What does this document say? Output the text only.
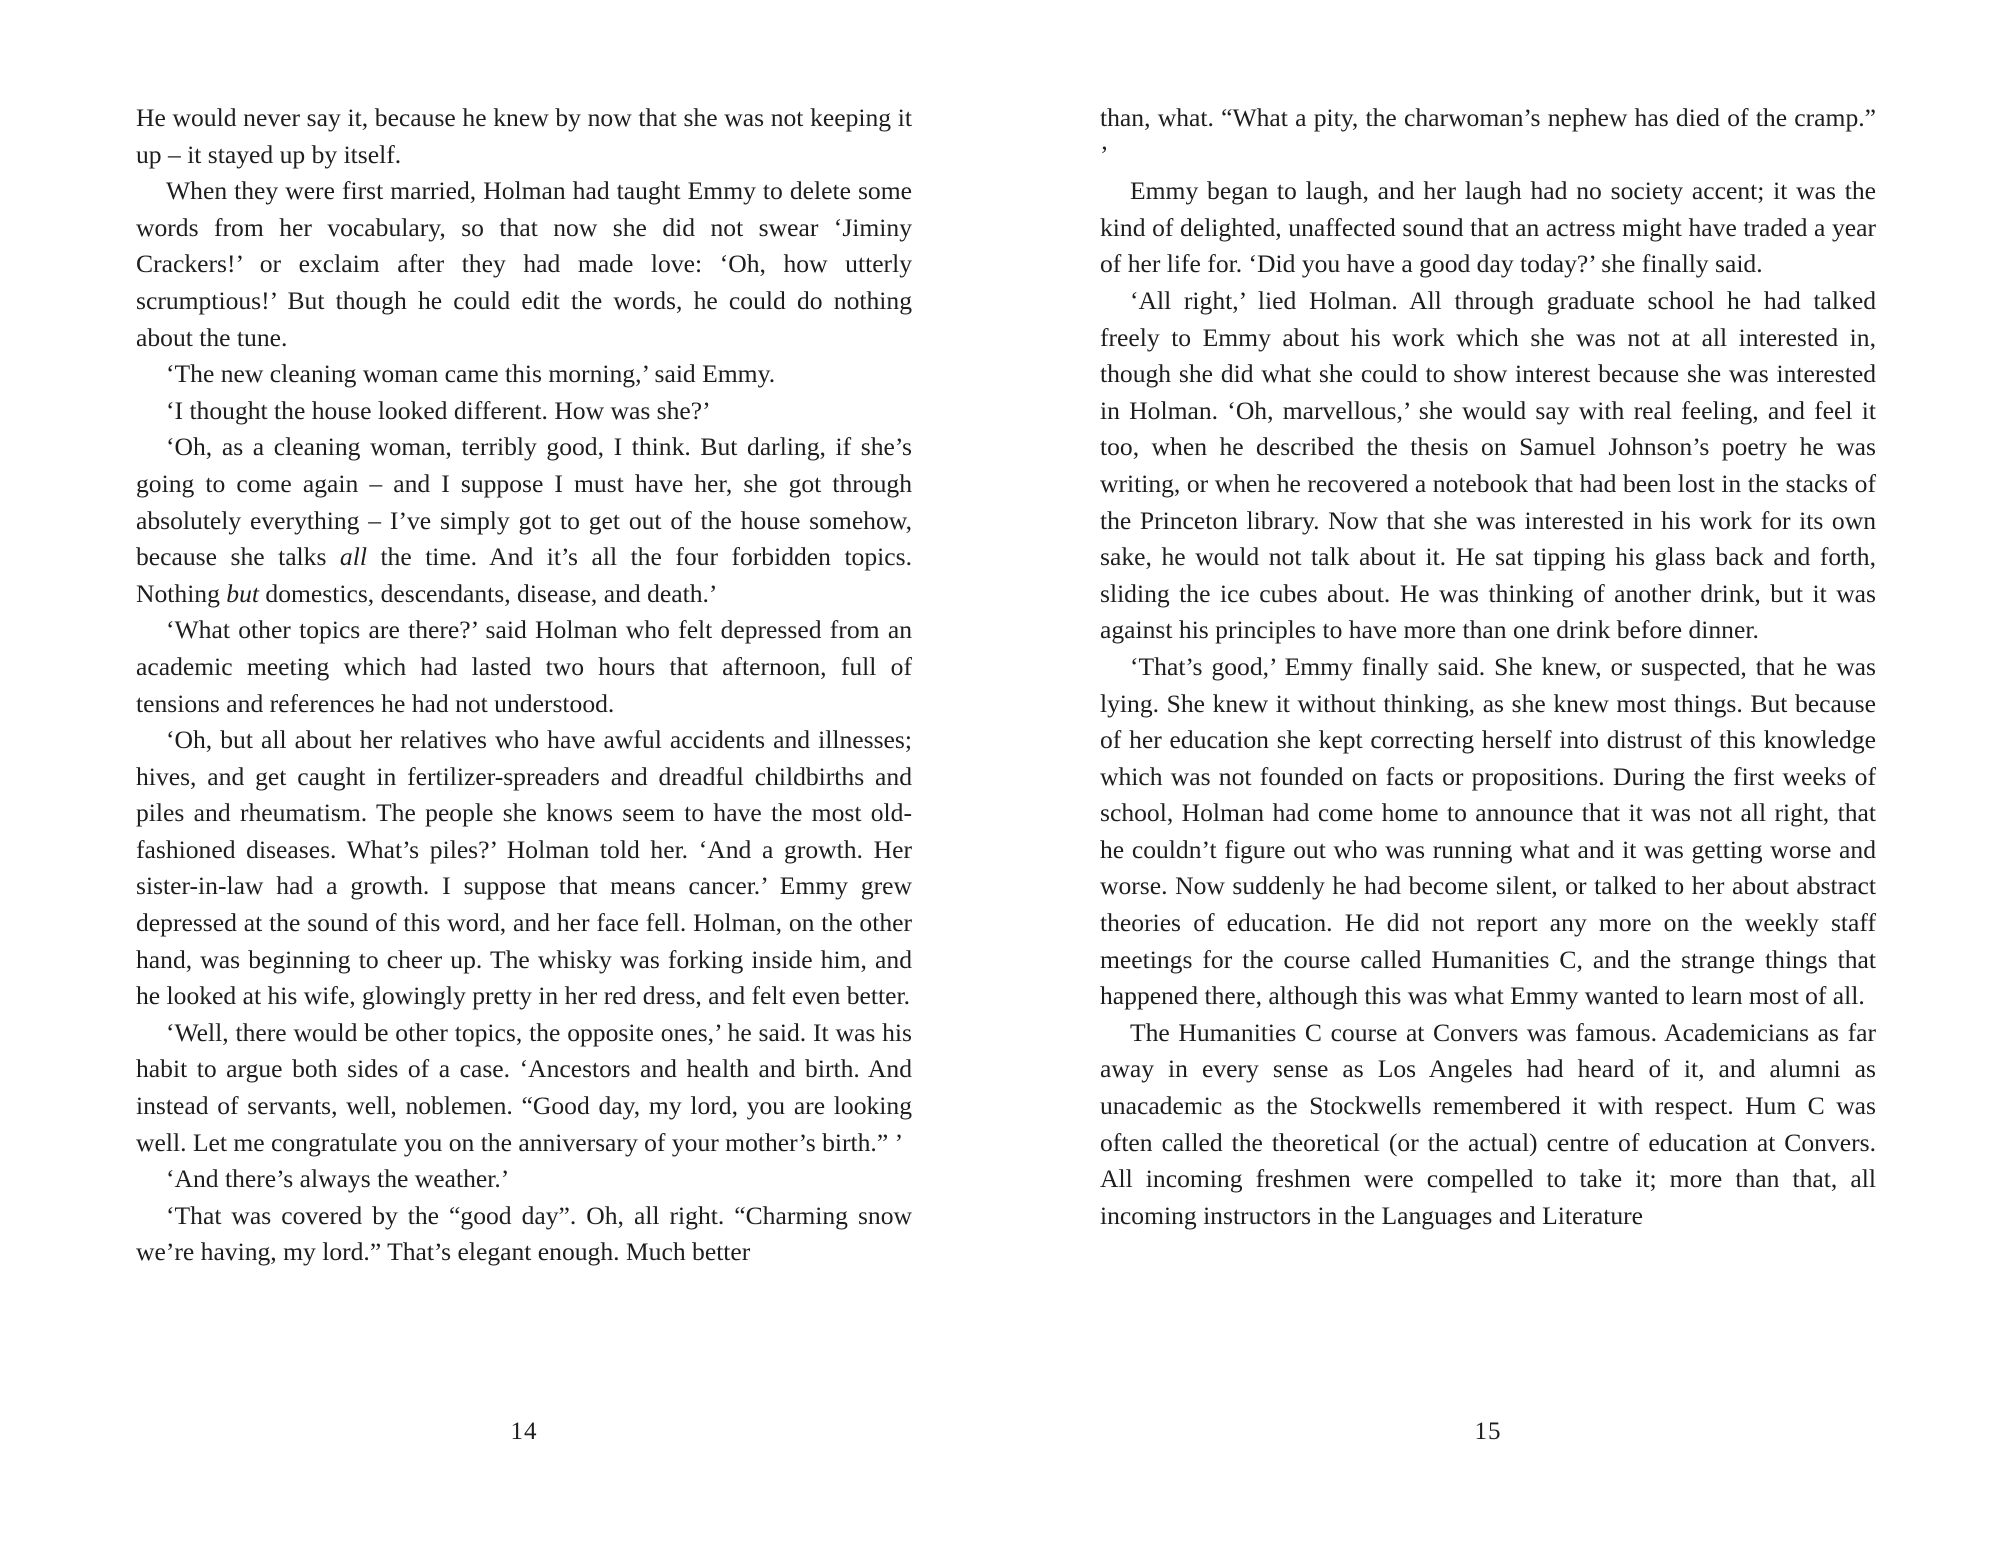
He would never say it, because he knew by now that she was not keeping it up – it stayed up by itself.

When they were first married, Holman had taught Emmy to delete some words from her vocabulary, so that now she did not swear ‘Jiminy Crackers!’ or exclaim after they had made love: ‘Oh, how utterly scrumptious!’ But though he could edit the words, he could do nothing about the tune.

‘The new cleaning woman came this morning,’ said Emmy.

‘I thought the house looked different. How was she?’

‘Oh, as a cleaning woman, terribly good, I think. But darling, if she’s going to come again – and I suppose I must have her, she got through absolutely everything – I’ve simply got to get out of the house somehow, because she talks all the time. And it’s all the four forbidden topics. Nothing but domestics, descendants, disease, and death.’

‘What other topics are there?’ said Holman who felt depressed from an academic meeting which had lasted two hours that afternoon, full of tensions and references he had not understood.

‘Oh, but all about her relatives who have awful accidents and illnesses; hives, and get caught in fertilizer-spreaders and dreadful childbirths and piles and rheumatism. The people she knows seem to have the most old-fashioned diseases. What’s piles?’ Holman told her. ‘And a growth. Her sister-in-law had a growth. I suppose that means cancer.’ Emmy grew depressed at the sound of this word, and her face fell. Holman, on the other hand, was beginning to cheer up. The whisky was forking inside him, and he looked at his wife, glowingly pretty in her red dress, and felt even better.

‘Well, there would be other topics, the opposite ones,’ he said. It was his habit to argue both sides of a case. ‘Ancestors and health and birth. And instead of servants, well, noblemen. “Good day, my lord, you are looking well. Let me congratulate you on the anniversary of your mother’s birth.” ’

‘And there’s always the weather.’

‘That was covered by the “good day”. Oh, all right. “Charming snow we’re having, my lord.” That’s elegant enough. Much better

14

than, what. “What a pity, the charwoman’s nephew has died of the cramp.” ’

Emmy began to laugh, and her laugh had no society accent; it was the kind of delighted, unaffected sound that an actress might have traded a year of her life for. ‘Did you have a good day today?’ she finally said.

‘All right,’ lied Holman. All through graduate school he had talked freely to Emmy about his work which she was not at all interested in, though she did what she could to show interest because she was interested in Holman. ‘Oh, marvellous,’ she would say with real feeling, and feel it too, when he described the thesis on Samuel Johnson’s poetry he was writing, or when he recovered a notebook that had been lost in the stacks of the Princeton library. Now that she was interested in his work for its own sake, he would not talk about it. He sat tipping his glass back and forth, sliding the ice cubes about. He was thinking of another drink, but it was against his principles to have more than one drink before dinner.

‘That’s good,’ Emmy finally said. She knew, or suspected, that he was lying. She knew it without thinking, as she knew most things. But because of her education she kept correcting herself into distrust of this knowledge which was not founded on facts or propositions. During the first weeks of school, Holman had come home to announce that it was not all right, that he couldn’t figure out who was running what and it was getting worse and worse. Now suddenly he had become silent, or talked to her about abstract theories of education. He did not report any more on the weekly staff meetings for the course called Humanities C, and the strange things that happened there, although this was what Emmy wanted to learn most of all.

The Humanities C course at Convers was famous. Academicians as far away in every sense as Los Angeles had heard of it, and alumni as unacademic as the Stockwells remembered it with respect. Hum C was often called the theoretical (or the actual) centre of education at Convers. All incoming freshmen were compelled to take it; more than that, all incoming instructors in the Languages and Literature

15
